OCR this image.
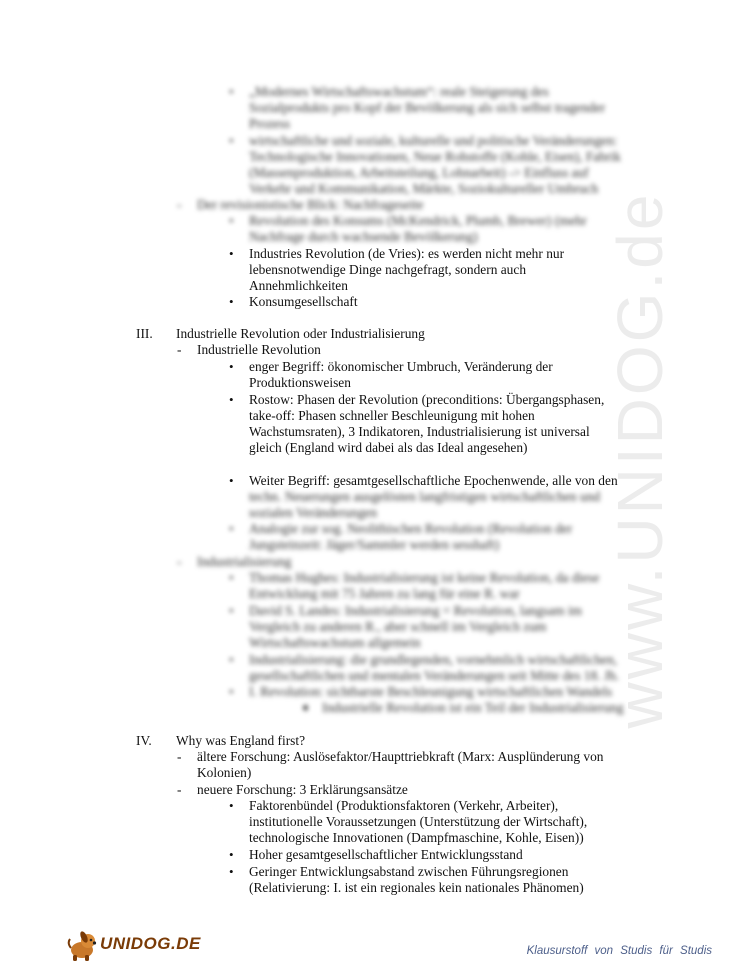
www.UNIDOG.de
• „Modernes Wirtschaftswachstum“: reale Steigerung des
Sozialprodukts pro Kopf der Bevölkerung als sich selbst tragender
Prozess
• wirtschaftliche und soziale, kulturelle und politische Veränderungen:
Technologische Innovationen, Neue Rohstoffe (Kohle, Eisen), Fabrik
(Massenproduktion, Arbeitsteilung, Lohnarbeit) -> Einfluss auf
Verkehr und Kommunikation, Märkte, Soziokultureller Umbruch
- Der revisionistische Blick: Nachfrageseite
• Revolution des Konsums (McKendrick, Plumb, Brewer) (mehr
Nachfrage durch wachsende Bevölkerung)
• Industries Revolution (de Vries): es werden nicht mehr nur
lebensnotwendige Dinge nachgefragt, sondern auch
Annehmlichkeiten
• Konsumgesellschaft
III. Industrielle Revolution oder Industrialisierung
- Industrielle Revolution
• enger Begriff: ökonomischer Umbruch, Veränderung der
Produktionsweisen
• Rostow: Phasen der Revolution (preconditions: Übergangsphasen,
take-off: Phasen schneller Beschleunigung mit hohen
Wachstumsraten), 3 Indikatoren, Industrialisierung ist universal
gleich (England wird dabei als das Ideal angesehen)
• Weiter Begriff: gesamtgesellschaftliche Epochenwende, alle von den
techn. Neuerungen ausgelösten langfristigen wirtschaftlichen und
sozialen Veränderungen
• Analogie zur sog. Neolithischen Revolution (Revolution der
Jungsteinzeit: Jäger/Sammler werden sesshaft)
- Industrialisierung
• Thomas Hughes: Industrialisierung ist keine Revolution, da diese
Entwicklung mit 75 Jahren zu lang für eine R. war
• David S. Landes: Industrialisierung = Revolution, langsam im
Vergleich zu anderen R., aber schnell im Vergleich zum
Wirtschaftswachstum allgemein
• Industrialisierung: die grundlegenden, vornehmlich wirtschaftlichen,
gesellschaftlichen und mentalen Veränderungen seit Mitte des 18. Jh.
• I. Revolution: sichtbarste Beschleunigung wirtschaftlichen Wandels
➧ Industrielle Revolution ist ein Teil der Industrialisierung
IV. Why was England first?
- ältere Forschung: Auslösefaktor/Haupttriebkraft (Marx: Ausplünderung von
Kolonien)
- neuere Forschung: 3 Erklärungsansätze
• Faktorenbündel (Produktionsfaktoren (Verkehr, Arbeiter),
institutionelle Voraussetzungen (Unterstützung der Wirtschaft),
technologische Innovationen (Dampfmaschine, Kohle, Eisen))
• Hoher gesamtgesellschaftlicher Entwicklungsstand
• Geringer Entwicklungsabstand zwischen Führungsregionen
(Relativierung: I. ist ein regionales kein nationales Phänomen)
UNIDOG.DE	Klausurstoff von Studis für Studis
